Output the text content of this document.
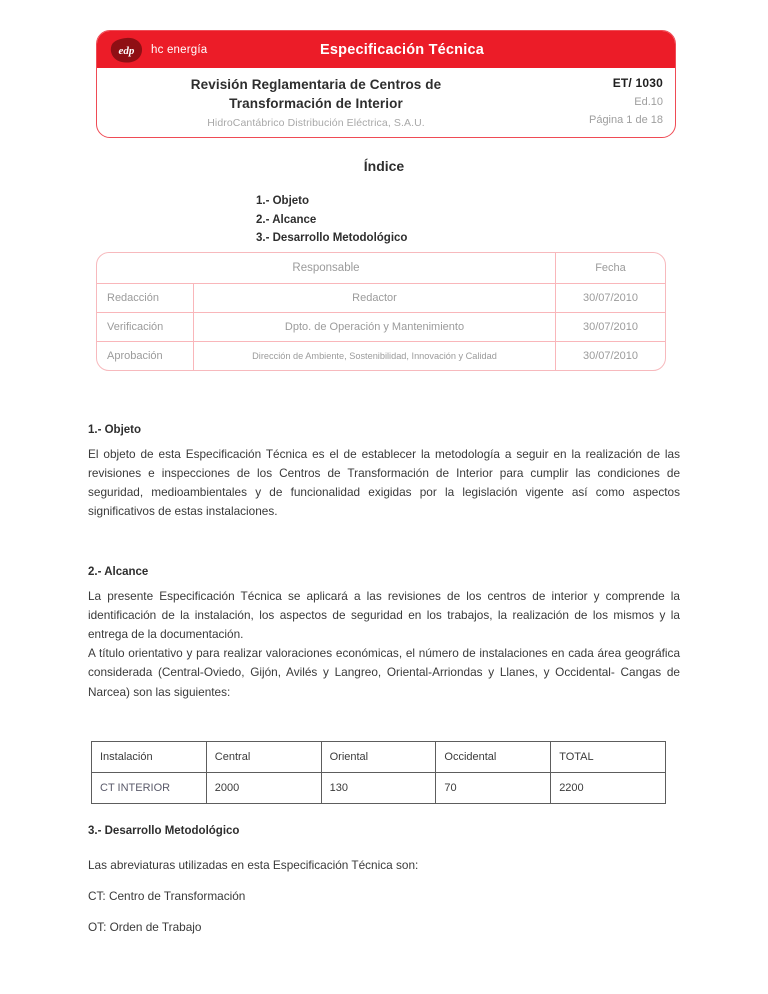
edp hc energía	Especificación Técnica
Revisión Reglamentaria de Centros de
Transformación de Interior
HidroCantábrico Distribución Eléctrica, S.A.U.
ET/ 1030
Ed.10
Página 1 de 18
Índice
1.- Objeto
2.- Alcance
3.- Desarrollo Metodológico
Responsable	Fecha
Redacción	Redactor	30/07/2010
Verificación	Dpto. de Operación y Mantenimiento	30/07/2010
Aprobación	Dirección de Ambiente, Sostenibilidad, Innovación y Calidad	30/07/2010
1.- Objeto

El objeto de esta Especificación Técnica es el de establecer la metodología a seguir en la realización de las revisiones e inspecciones de los Centros de Transformación de Interior para cumplir las condiciones de seguridad, medioambientales y de funcionalidad exigidas por la legislación vigente así como aspectos significativos de estas instalaciones.

2.- Alcance

La presente Especificación Técnica se aplicará a las revisiones de los centros de interior y comprende la identificación de la instalación, los aspectos de seguridad en los trabajos, la realización de los mismos y la entrega de la documentación.

A título orientativo y para realizar valoraciones económicas, el número de instalaciones en cada área geográfica considerada (Central-Oviedo, Gijón, Avilés y Langreo, Oriental-Arriondas y Llanes, y Occidental- Cangas de Narcea) son las siguientes:

Instalación	Central	Oriental	Occidental	TOTAL
CT INTERIOR	2000	130	70	2200
3.- Desarrollo Metodológico

Las abreviaturas utilizadas en esta Especificación Técnica son:

CT: Centro de Transformación

OT: Orden de Trabajo
